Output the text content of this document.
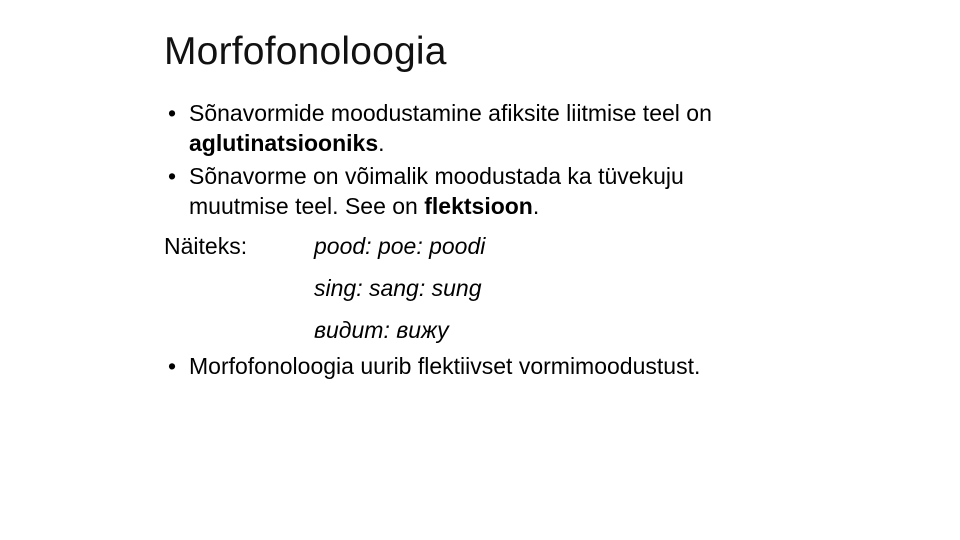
Morfofonoloogia
• Sõnavormide moodustamine afiksite liitmise teel on
aglutinatsiooniks.
• Sõnavorme on võimalik moodustada ka tüvekuju
muutmise teel. See on flektsioon.
Näiteks:	pood: poe: poodi
sing: sang: sung
видит: вижу
• Morfofonoloogia uurib flektiivset vormimoodustust.
